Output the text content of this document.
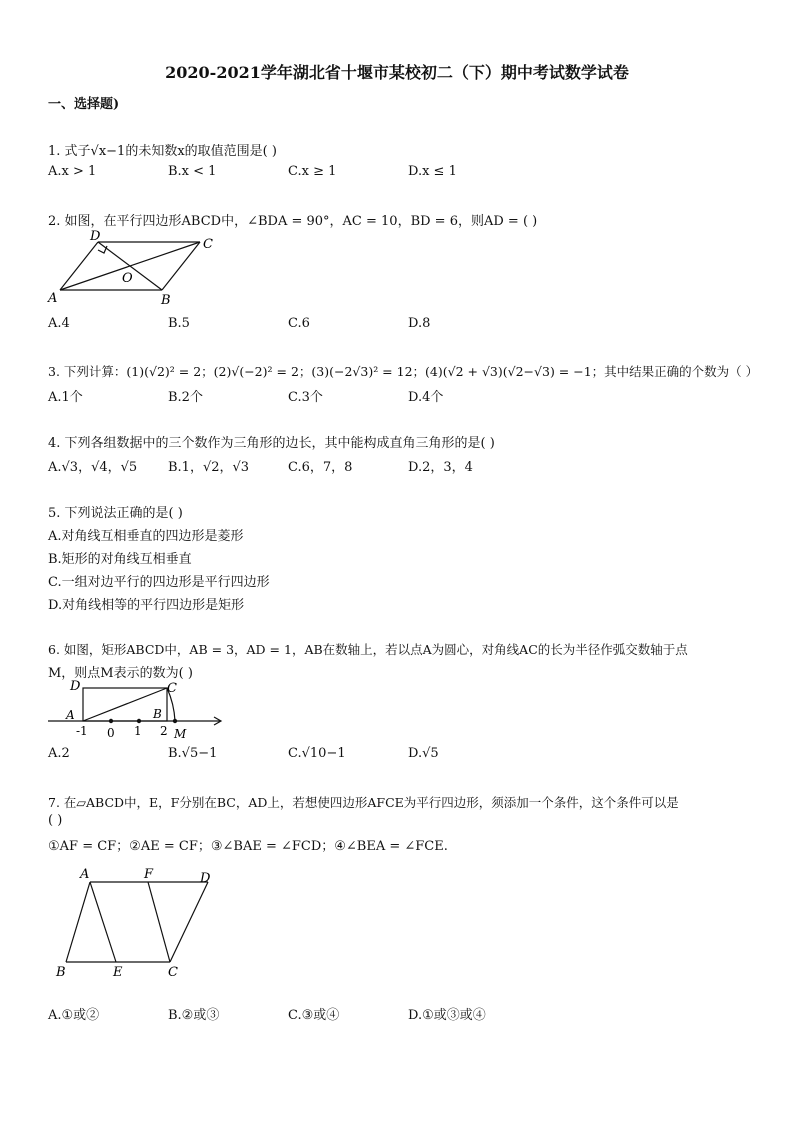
2020-2021学年湖北省十堰市某校初二（下）期中考试数学试卷
一、选择题)
1. 式子√x−1的未知数x的取值范围是( )
A.x > 1	B.x < 1	C.x ≥ 1	D.x ≤ 1
2. 如图，在平行四边形ABCD中，∠BDA = 90°，AC = 10，BD = 6，则AD = ( )
D
C
O
A	B
A.4	B.5	C.6	D.8
3. 下列计算：(1)(√2)² = 2；(2)√(−2)² = 2；(3)(−2√3)² = 12；(4)(√2 + √3)(√2−√3) = −1；其中结果正确的个数为（ ）
A.1个	B.2个	C.3个	D.4个
4. 下列各组数据中的三个数作为三角形的边长，其中能构成直角三角形的是( )
A.√3，√4，√5 B.1，√2，√3	C.6，7，8	D.2，3，4
5. 下列说法正确的是( )
A.对角线互相垂直的四边形是菱形
B.矩形的对角线互相垂直
C.一组对边平行的四边形是平行四边形
D.对角线相等的平行四边形是矩形
6. 如图，矩形ABCD中，AB = 3，AD = 1，AB在数轴上，若以点A为圆心，对角线AC的长为半径作弧交数轴于点
M，则点M表示的数为( )
D	C
A	B
-1 0 1 2 M
A.2	B.√5−1	C.√10−1	D.√5
7. 在▱ABCD中，E，F分别在BC，AD上，若想使四边形AFCE为平行四边形，须添加一个条件，这个条件可以是
( )
①AF = CF；②AE = CF；③∠BAE = ∠FCD；④∠BEA = ∠FCE.
A	F	D
B	E	C
A.①或②	B.②或③	C.③或④	D.①或③或④
